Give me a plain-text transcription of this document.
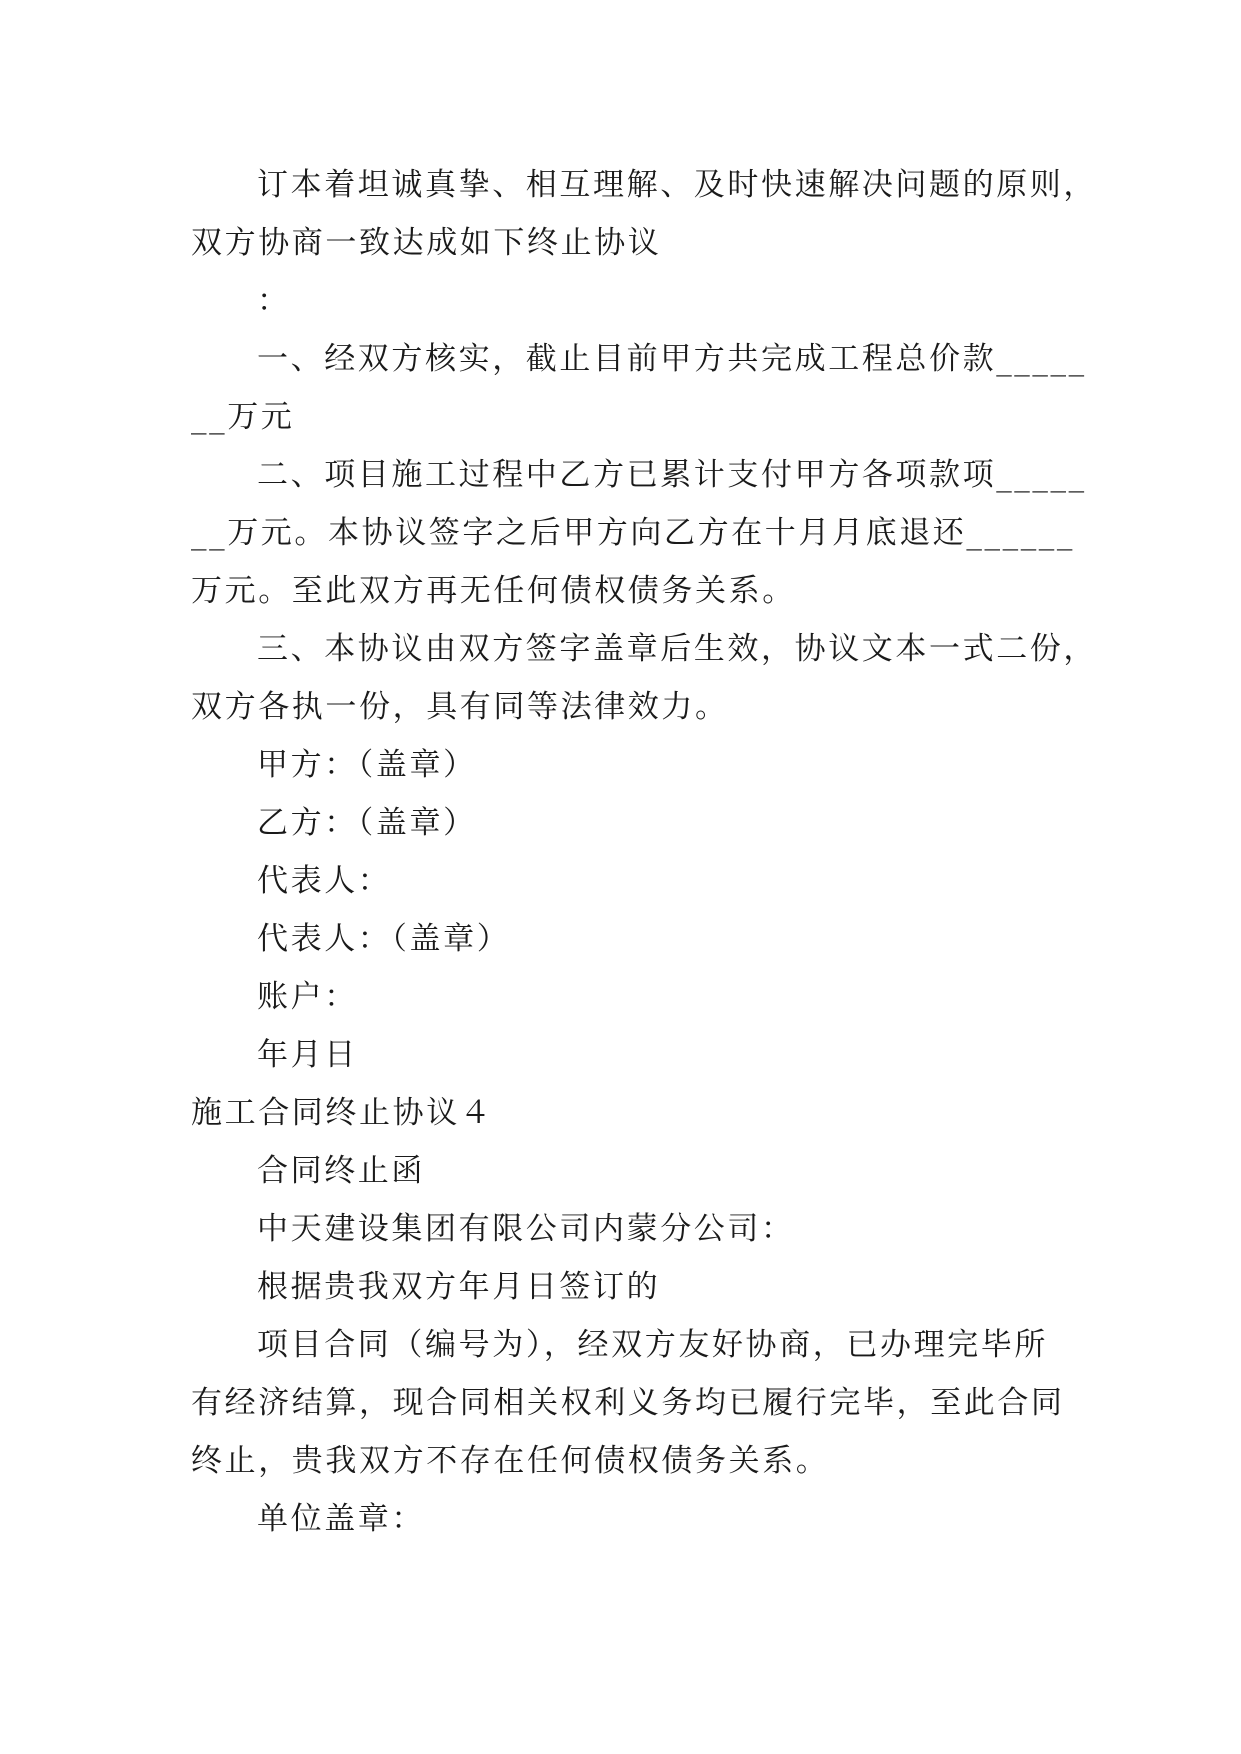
订本着坦诚真挚、相互理解、及时快速解决问题的原则，
双方协商一致达成如下终止协议
：
一、经双方核实，截止目前甲方共完成工程总价款_____
__万元
二、项目施工过程中乙方已累计支付甲方各项款项_____
__万元。本协议签字之后甲方向乙方在十月月底退还______
万元。至此双方再无任何债权债务关系。
三、本协议由双方签字盖章后生效，协议文本一式二份，
双方各执一份，具有同等法律效力。
甲方：（盖章）
乙方：（盖章）
代表人：
代表人：（盖章）
账户：
年月日
施工合同终止协议４
合同终止函
中天建设集团有限公司内蒙分公司：
根据贵我双方年月日签订的
项目合同（编号为），经双方友好协商，已办理完毕所
有经济结算，现合同相关权利义务均已履行完毕，至此合同
终止，贵我双方不存在任何债权债务关系。
单位盖章：
